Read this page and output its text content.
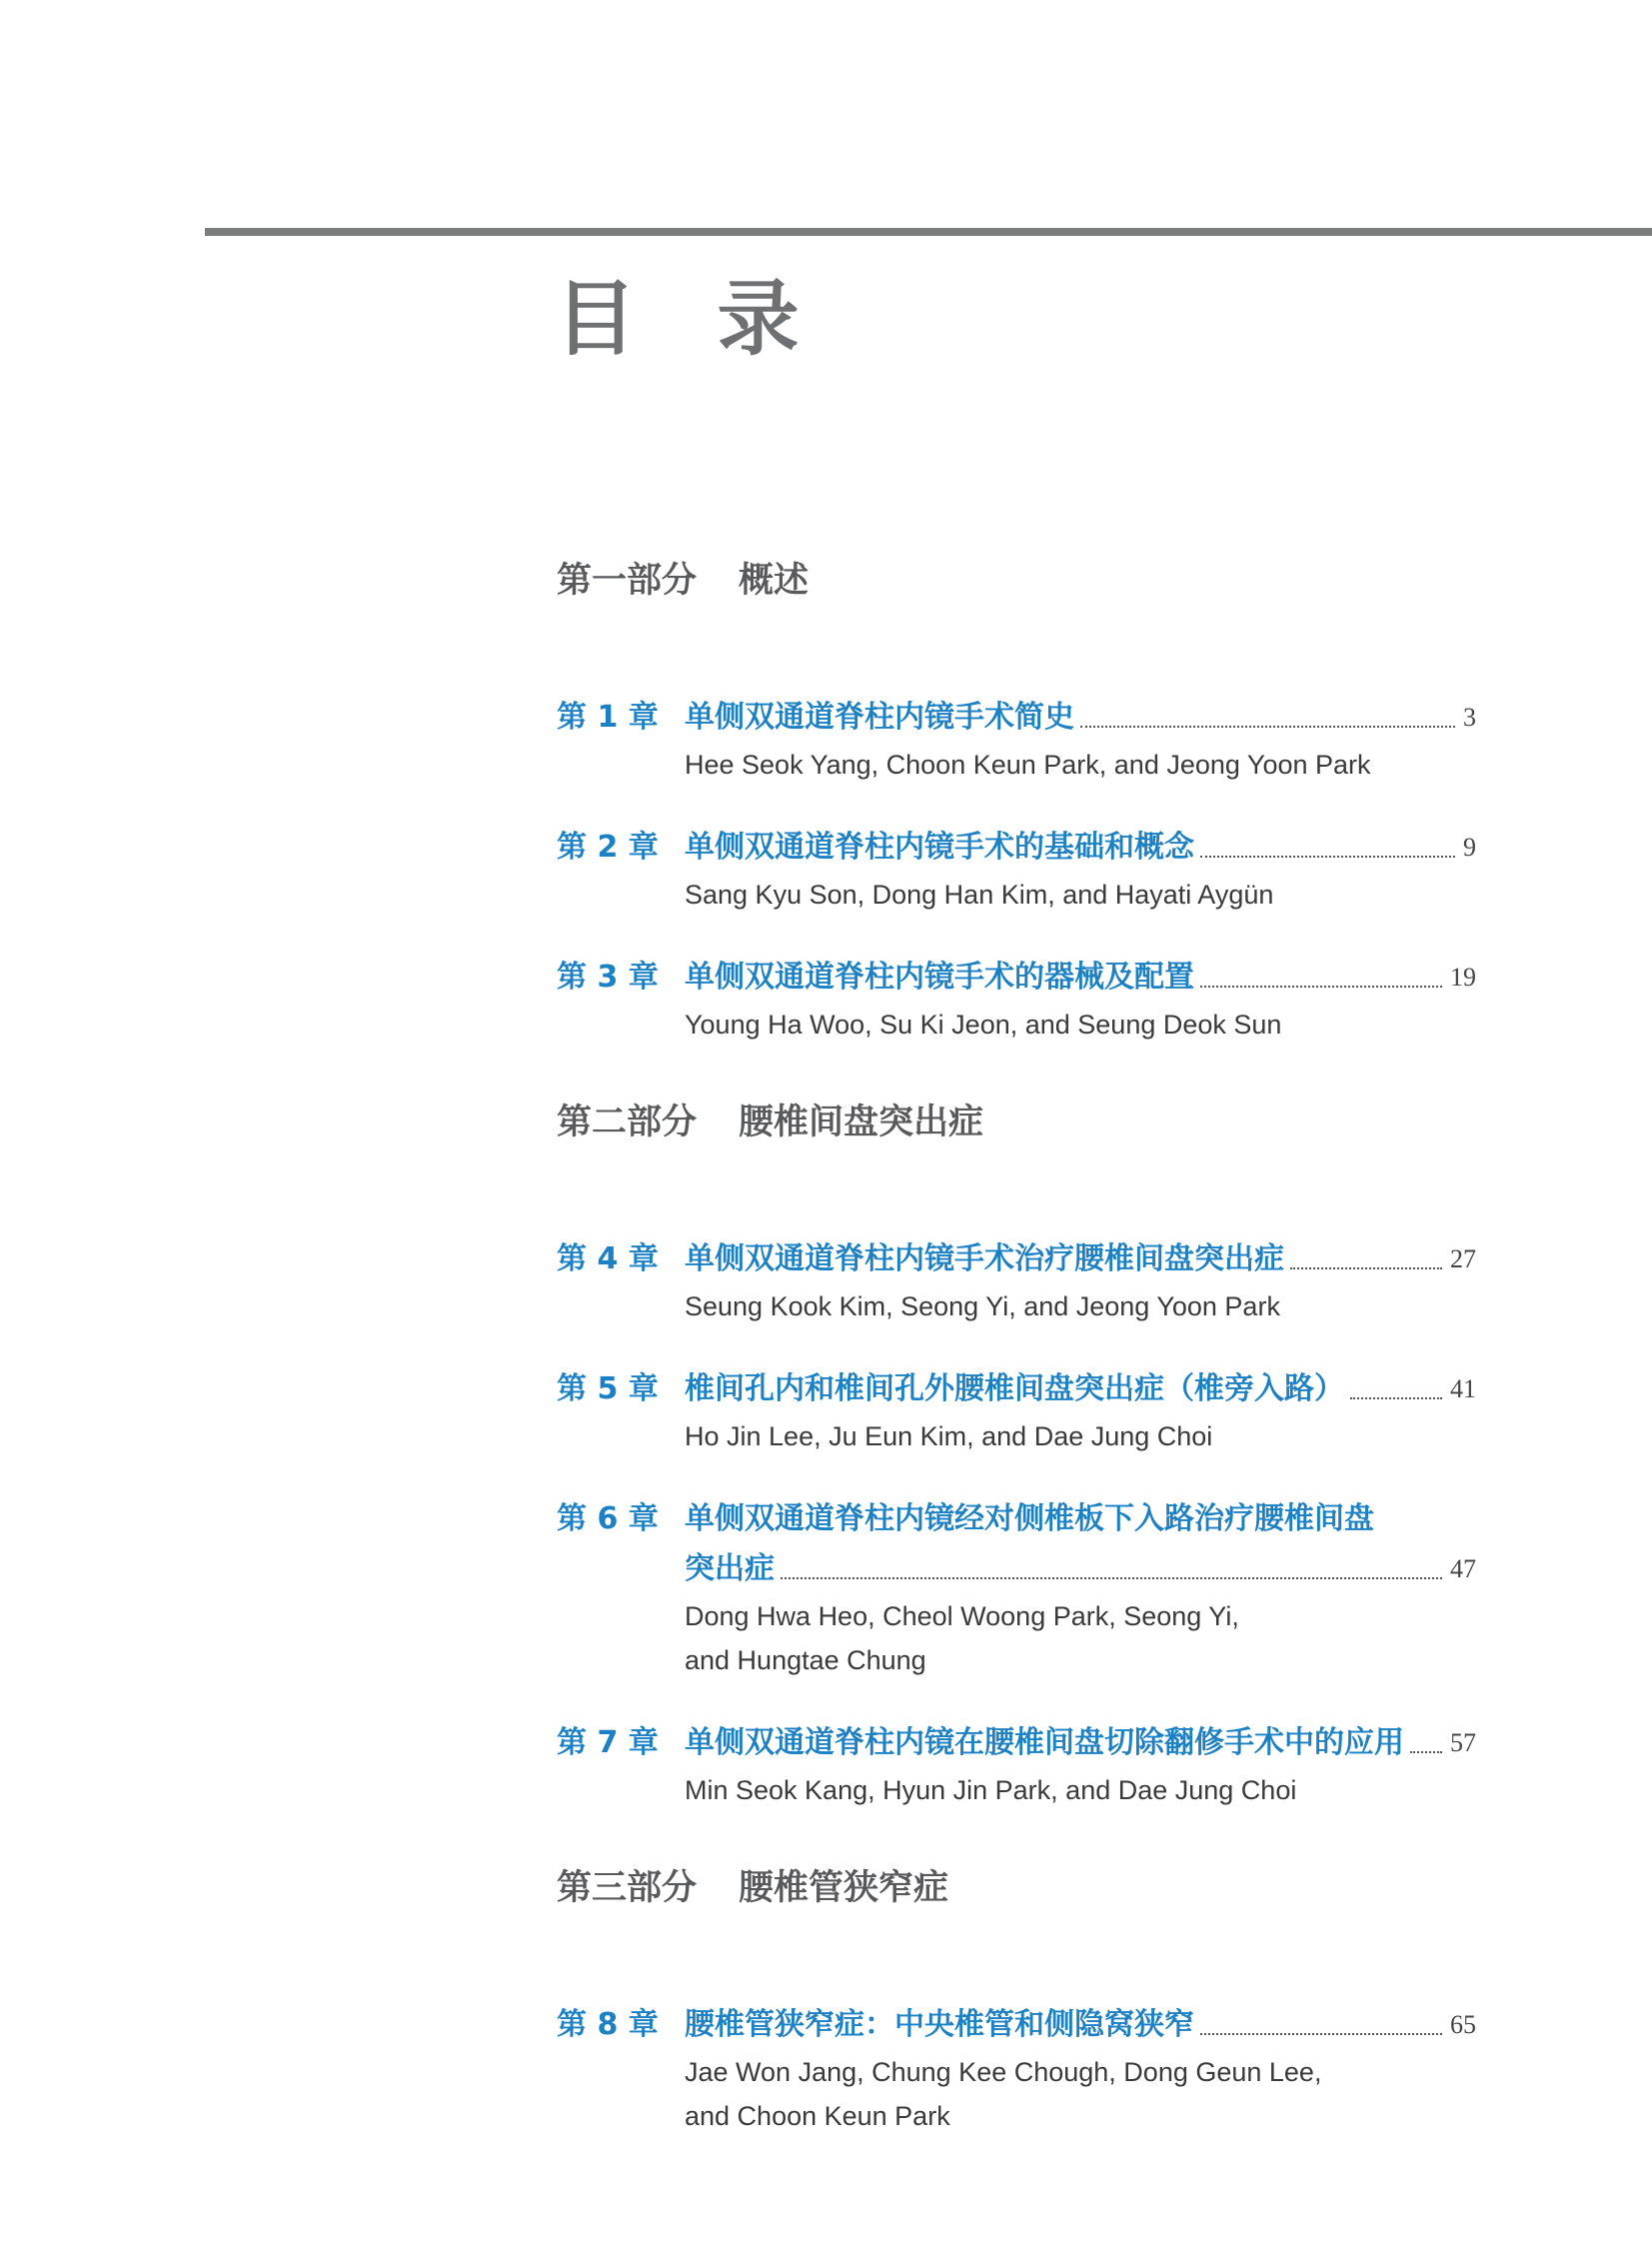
目 录
第一部分 概述
第 1 章 单侧双通道脊柱内镜手术简史	3
Hee Seok Yang, Choon Keun Park, and Jeong Yoon Park
第 2 章 单侧双通道脊柱内镜手术的基础和概念	9
Sang Kyu Son, Dong Han Kim, and Hayati Aygün
第 3 章 单侧双通道脊柱内镜手术的器械及配置	19
Young Ha Woo, Su Ki Jeon, and Seung Deok Sun
第二部分 腰椎间盘突出症
第 4 章 单侧双通道脊柱内镜手术治疗腰椎间盘突出症	27
Seung Kook Kim, Seong Yi, and Jeong Yoon Park
第 5 章 椎间孔内和椎间孔外腰椎间盘突出症（椎旁入路）	41
Ho Jin Lee, Ju Eun Kim, and Dae Jung Choi
第 6 章 单侧双通道脊柱内镜经对侧椎板下入路治疗腰椎间盘
突出症	47
Dong Hwa Heo, Cheol Woong Park, Seong Yi,
and Hungtae Chung
第 7 章 单侧双通道脊柱内镜在腰椎间盘切除翻修手术中的应用 57
Min Seok Kang, Hyun Jin Park, and Dae Jung Choi
第三部分 腰椎管狭窄症
第 8 章 腰椎管狭窄症：中央椎管和侧隐窝狭窄	65
Jae Won Jang, Chung Kee Chough, Dong Geun Lee,
and Choon Keun Park
